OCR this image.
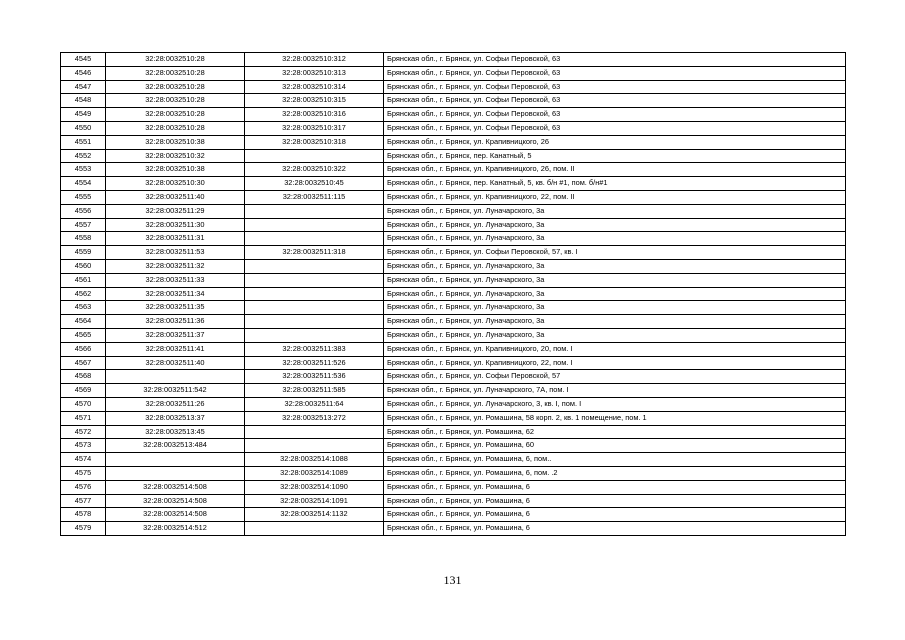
4545	32:28:0032510:28	32:28:0032510:312	Брянская обл., г. Брянск, ул. Софьи Перовской, 63
4546	32:28:0032510:28	32:28:0032510:313	Брянская обл., г. Брянск, ул. Софьи Перовской, 63
4547	32:28:0032510:28	32:28:0032510:314	Брянская обл., г. Брянск, ул. Софьи Перовской, 63
4548	32:28:0032510:28	32:28:0032510:315	Брянская обл., г. Брянск, ул. Софьи Перовской, 63
4549	32:28:0032510:28	32:28:0032510:316	Брянская обл., г. Брянск, ул. Софьи Перовской, 63
4550	32:28:0032510:28	32:28:0032510:317	Брянская обл., г. Брянск, ул. Софьи Перовской, 63
4551	32:28:0032510:38	32:28:0032510:318	Брянская обл., г. Брянск, ул. Крапивницкого, 26
4552	32:28:0032510:32		Брянская обл., г. Брянск, пер. Канатный, 5
4553	32:28:0032510:38	32:28:0032510:322	Брянская обл., г. Брянск, ул. Крапивницкого, 26, пом. II
4554	32:28:0032510:30	32:28:0032510:45	Брянская обл., г. Брянск, пер. Канатный, 5, кв. б/н #1, пом. б/н#1
4555	32:28:0032511:40	32:28:0032511:115	Брянская обл., г. Брянск, ул. Крапивницкого, 22, пом. II
4556	32:28:0032511:29		Брянская обл., г. Брянск, ул. Луначарского, 3а
4557	32:28:0032511:30		Брянская обл., г. Брянск, ул. Луначарского, 3а
4558	32:28:0032511:31		Брянская обл., г. Брянск, ул. Луначарского, 3а
4559	32:28:0032511:53	32:28:0032511:318	Брянская обл., г. Брянск, ул. Софьи Перовской, 57, кв. I
4560	32:28:0032511:32		Брянская обл., г. Брянск, ул. Луначарского, 3а
4561	32:28:0032511:33		Брянская обл., г. Брянск, ул. Луначарского, 3а
4562	32:28:0032511:34		Брянская обл., г. Брянск, ул. Луначарского, 3а
4563	32:28:0032511:35		Брянская обл., г. Брянск, ул. Луначарского, 3а
4564	32:28:0032511:36		Брянская обл., г. Брянск, ул. Луначарского, 3а
4565	32:28:0032511:37		Брянская обл., г. Брянск, ул. Луначарского, 3а
4566	32:28:0032511:41	32:28:0032511:383	Брянская обл., г. Брянск, ул. Крапивницкого, 20, пом. I
4567	32:28:0032511:40	32:28:0032511:526	Брянская обл., г. Брянск, ул. Крапивницкого, 22, пом. I
4568		32:28:0032511:536	Брянская обл., г. Брянск, ул. Софьи Перовской, 57
4569	32:28:0032511:542	32:28:0032511:585	Брянская обл., г. Брянск, ул. Луначарского, 7А, пом. I
4570	32:28:0032511:26	32:28:0032511:64	Брянская обл., г. Брянск, ул. Луначарского, 3, кв. I, пом. I
4571	32:28:0032513:37	32:28:0032513:272	Брянская обл., г. Брянск, ул. Ромашина, 58 корп. 2, кв. 1 помещение, пом. 1
4572	32:28:0032513:45		Брянская обл., г. Брянск, ул. Ромашина, 62
4573	32:28:0032513:484		Брянская обл., г. Брянск, ул. Ромашина, 60
4574		32:28:0032514:1088	Брянская обл., г. Брянск, ул. Ромашина, 6, пом..
4575		32:28:0032514:1089	Брянская обл., г. Брянск, ул. Ромашина, 6, пом. .2
4576	32:28:0032514:508	32:28:0032514:1090	Брянская обл., г. Брянск, ул. Ромашина, 6
4577	32:28:0032514:508	32:28:0032514:1091	Брянская обл., г. Брянск, ул. Ромашина, 6
4578	32:28:0032514:508	32:28:0032514:1132	Брянская обл., г. Брянск, ул. Ромашина, 6
4579	32:28:0032514:512		Брянская обл., г. Брянск, ул. Ромашина, 6
131
